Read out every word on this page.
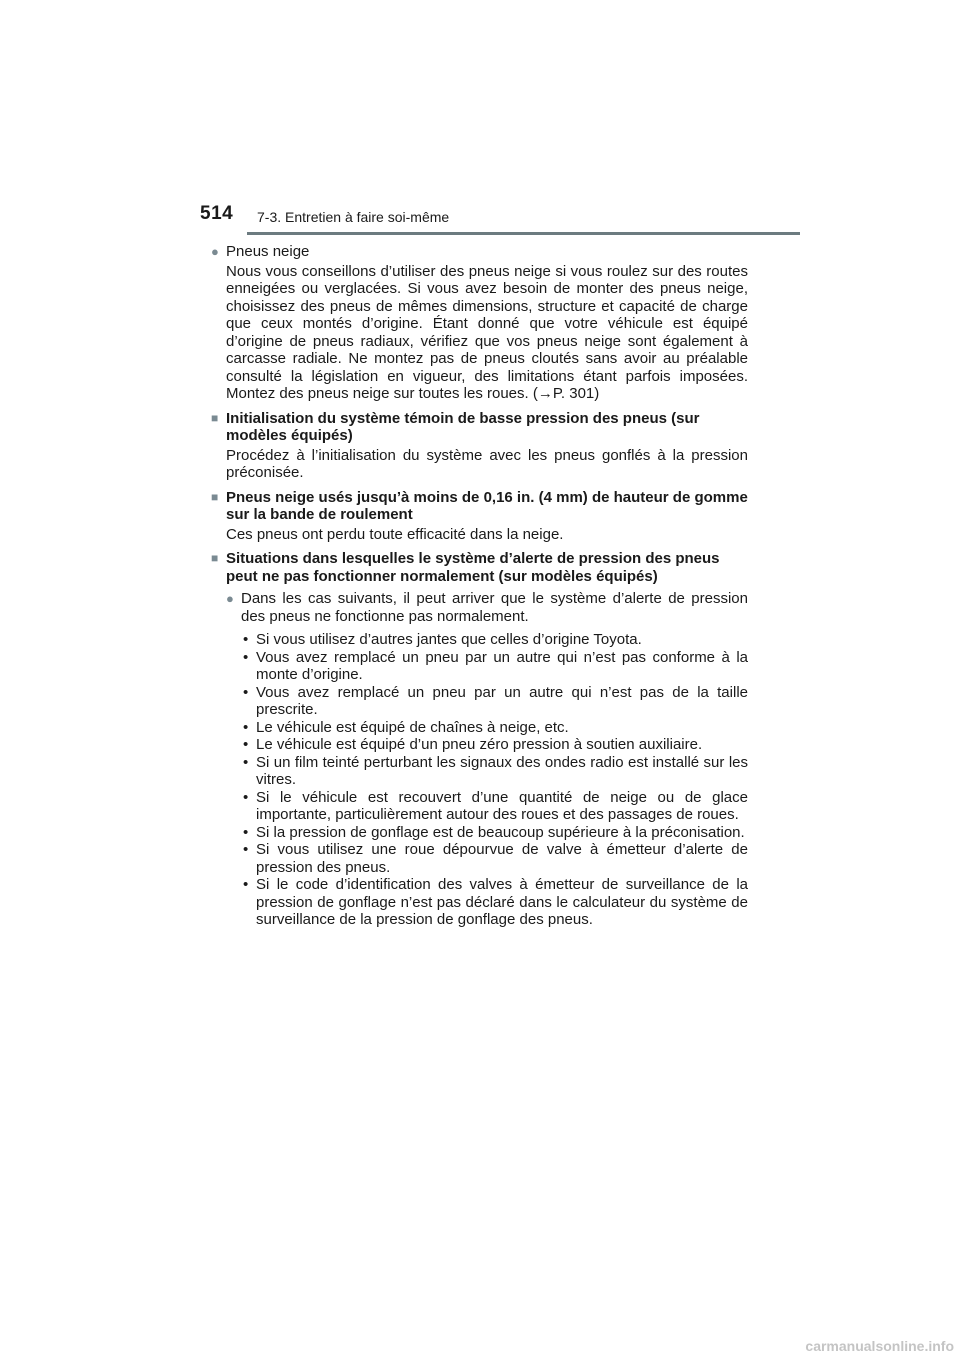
514 7-3. Entretien à faire soi-même
● Pneus neige
Nous vous conseillons d’utiliser des pneus neige si vous roulez sur des routes enneigées ou verglacées. Si vous avez besoin de monter des pneus neige, choisissez des pneus de mêmes dimensions, structure et capacité de charge que ceux montés d’origine. Étant donné que votre véhicule est équipé d’origine de pneus radiaux, vérifiez que vos pneus neige sont également à carcasse radiale. Ne montez pas de pneus cloutés sans avoir au préalable consulté la législation en vigueur, des limitations étant parfois imposées. Montez des pneus neige sur toutes les roues. (→P. 301)
■ Initialisation du système témoin de basse pression des pneus (sur modèles équipés)
Procédez à l’initialisation du système avec les pneus gonflés à la pression préconisée.
■ Pneus neige usés jusqu’à moins de 0,16 in. (4 mm) de hauteur de gomme sur la bande de roulement
Ces pneus ont perdu toute efficacité dans la neige.
■ Situations dans lesquelles le système d’alerte de pression des pneus peut ne pas fonctionner normalement (sur modèles équipés)
● Dans les cas suivants, il peut arriver que le système d’alerte de pression des pneus ne fonctionne pas normalement.
• Si vous utilisez d’autres jantes que celles d’origine Toyota.
• Vous avez remplacé un pneu par un autre qui n’est pas conforme à la monte d’origine.
• Vous avez remplacé un pneu par un autre qui n’est pas de la taille prescrite.
• Le véhicule est équipé de chaînes à neige, etc.
• Le véhicule est équipé d’un pneu zéro pression à soutien auxiliaire.
• Si un film teinté perturbant les signaux des ondes radio est installé sur les vitres.
• Si le véhicule est recouvert d’une quantité de neige ou de glace importante, particulièrement autour des roues et des passages de roues.
• Si la pression de gonflage est de beaucoup supérieure à la préconisation.
• Si vous utilisez une roue dépourvue de valve à émetteur d’alerte de pression des pneus.
• Si le code d’identification des valves à émetteur de surveillance de la pression de gonflage n’est pas déclaré dans le calculateur du système de surveillance de la pression de gonflage des pneus.
carmanualsonline.info
